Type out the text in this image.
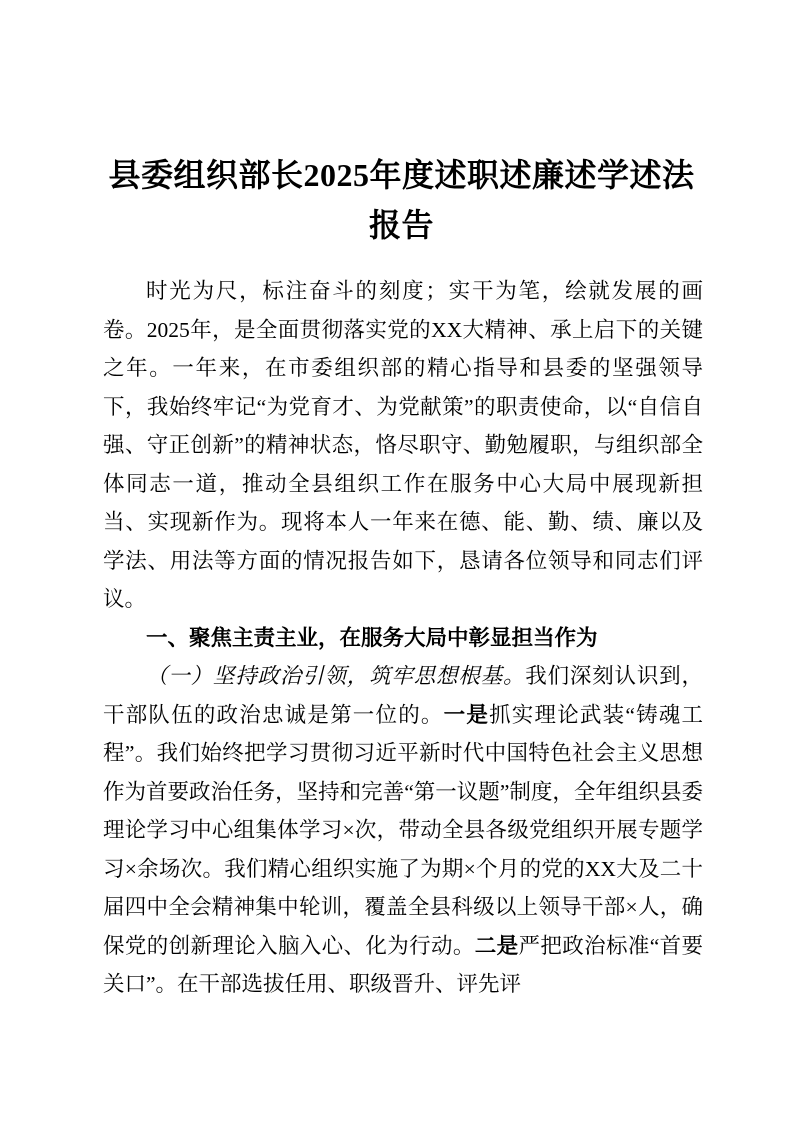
县委组织部长2025年度述职述廉述学述法报告

时光为尺，标注奋斗的刻度；实干为笔，绘就发展的画卷。2025年，是全面贯彻落实党的XX大精神、承上启下的关键之年。一年来，在市委组织部的精心指导和县委的坚强领导下，我始终牢记“为党育才、为党献策”的职责使命，以“自信自强、守正创新”的精神状态，恪尽职守、勤勉履职，与组织部全体同志一道，推动全县组织工作在服务中心大局中展现新担当、实现新作为。现将本人一年来在德、能、勤、绩、廉以及学法、用法等方面的情况报告如下，恳请各位领导和同志们评议。

一、聚焦主责主业，在服务大局中彰显担当作为

（一）坚持政治引领，筑牢思想根基。我们深刻认识到，干部队伍的政治忠诚是第一位的。一是抓实理论武装“铸魂工程”。我们始终把学习贯彻习近平新时代中国特色社会主义思想作为首要政治任务，坚持和完善“第一议题”制度，全年组织县委理论学习中心组集体学习×次，带动全县各级党组织开展专题学习×余场次。我们精心组织实施了为期×个月的党的XX大及二十届四中全会精神集中轮训，覆盖全县科级以上领导干部×人，确保党的创新理论入脑入心、化为行动。二是严把政治标准“首要关口”。在干部选拔任用、职级晋升、评先评
